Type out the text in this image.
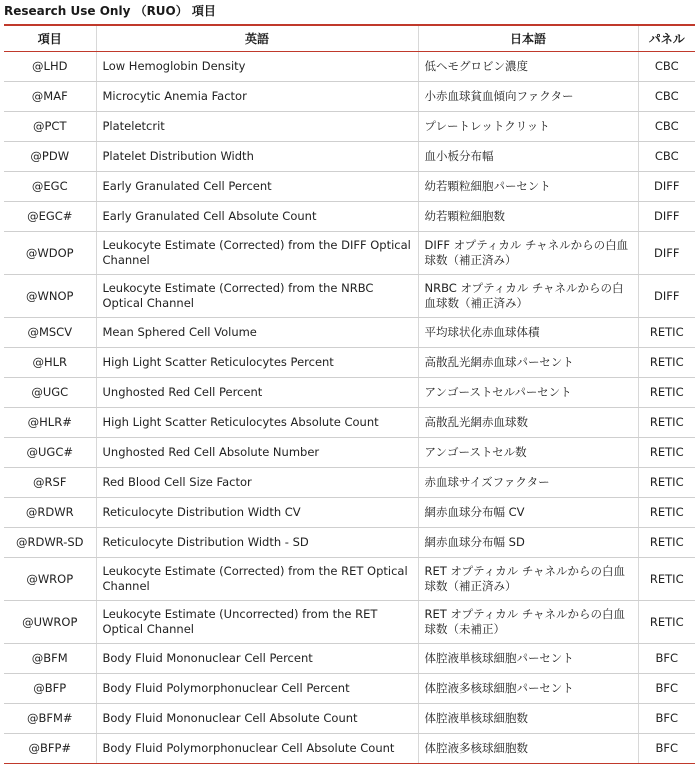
Research Use Only （RUO） 項目
項目	英語	日本語	パネル
@LHD	Low Hemoglobin Density	低ヘモグロビン濃度	CBC
@MAF	Microcytic Anemia Factor	小赤血球貧血傾向ファクター	CBC
@PCT	Plateletcrit	プレートレットクリット	CBC
@PDW	Platelet Distribution Width	血小板分布幅	CBC
@EGC	Early Granulated Cell Percent	幼若顆粒細胞パーセント	DIFF
@EGC#	Early Granulated Cell Absolute Count	幼若顆粒細胞数	DIFF
@WDOP	Leukocyte Estimate (Corrected) from the DIFF Optical Channel	DIFF オプティカル チャネルからの白血球数（補正済み）	DIFF
@WNOP	Leukocyte Estimate (Corrected) from the NRBC Optical Channel	NRBC オプティカル チャネルからの白血球数（補正済み）	DIFF
@MSCV	Mean Sphered Cell Volume	平均球状化赤血球体積	RETIC
@HLR	High Light Scatter Reticulocytes Percent	高散乱光網赤血球パーセント	RETIC
@UGC	Unghosted Red Cell Percent	アンゴーストセルパーセント	RETIC
@HLR#	High Light Scatter Reticulocytes Absolute Count	高散乱光網赤血球数	RETIC
@UGC#	Unghosted Red Cell Absolute Number	アンゴーストセル数	RETIC
@RSF	Red Blood Cell Size Factor	赤血球サイズファクター	RETIC
@RDWR	Reticulocyte Distribution Width CV	網赤血球分布幅 CV	RETIC
@RDWR-SD	Reticulocyte Distribution Width - SD	網赤血球分布幅 SD	RETIC
@WROP	Leukocyte Estimate (Corrected) from the RET Optical Channel	RET オプティカル チャネルからの白血球数（補正済み）	RETIC
@UWROP	Leukocyte Estimate (Uncorrected) from the RET Optical Channel	RET オプティカル チャネルからの白血球数（未補正）	RETIC
@BFM	Body Fluid Mononuclear Cell Percent	体腔液単核球細胞パーセント	BFC
@BFP	Body Fluid Polymorphonuclear Cell Percent	体腔液多核球細胞パーセント	BFC
@BFM#	Body Fluid Mononuclear Cell Absolute Count	体腔液単核球細胞数	BFC
@BFP#	Body Fluid Polymorphonuclear Cell Absolute Count	体腔液多核球細胞数	BFC
